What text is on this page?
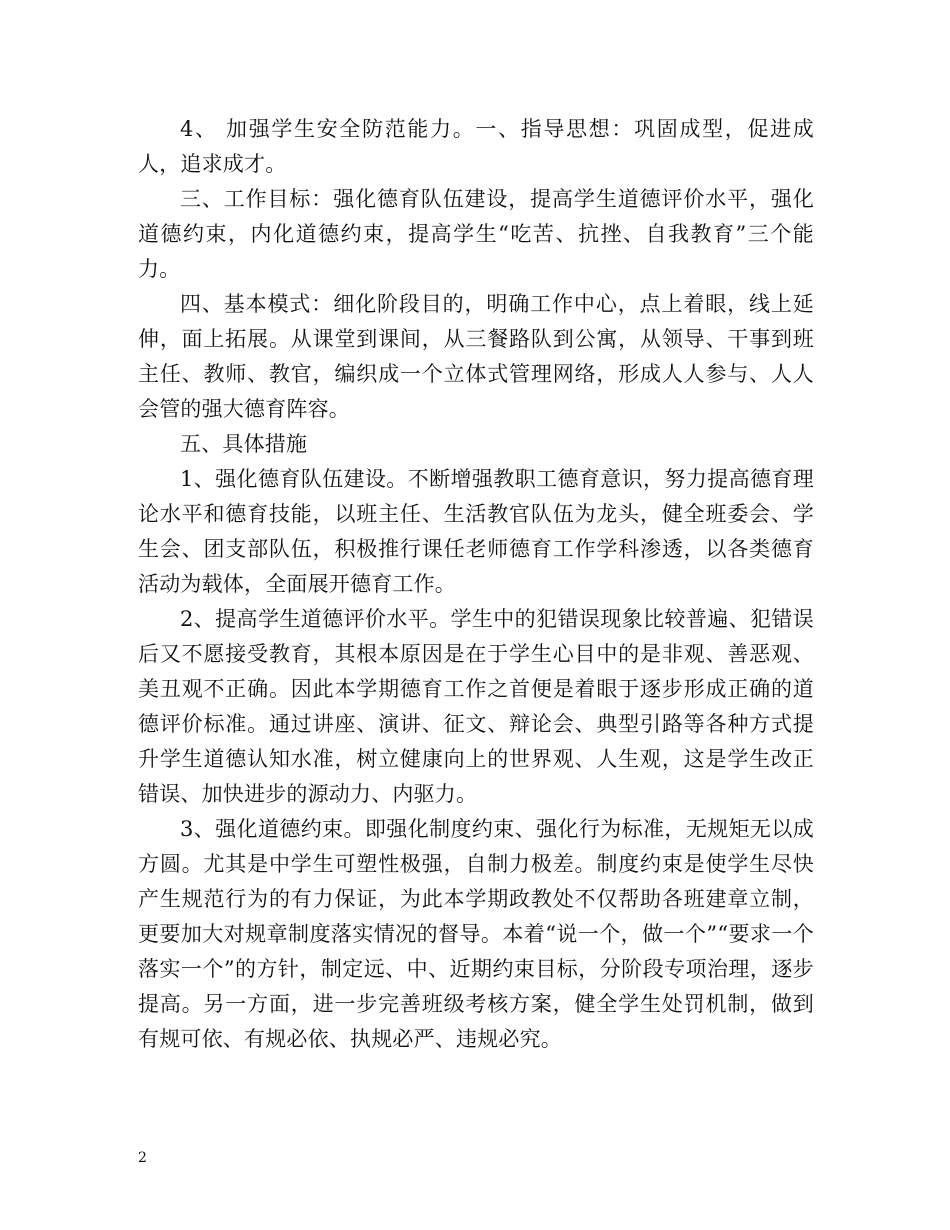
4、 加强学生安全防范能力。一、指导思想：巩固成型，促进成人，追求成才。

三、工作目标：强化德育队伍建设，提高学生道德评价水平，强化道德约束，内化道德约束，提高学生“吃苦、抗挫、自我教育”三个能力。

四、基本模式：细化阶段目的，明确工作中心，点上着眼，线上延伸，面上拓展。从课堂到课间，从三餐路队到公寓，从领导、干事到班主任、教师、教官，编织成一个立体式管理网络，形成人人参与、人人会管的强大德育阵容。

五、具体措施

1、强化德育队伍建设。不断增强教职工德育意识，努力提高德育理论水平和德育技能，以班主任、生活教官队伍为龙头，健全班委会、学生会、团支部队伍，积极推行课任老师德育工作学科渗透，以各类德育活动为载体，全面展开德育工作。

2、提高学生道德评价水平。学生中的犯错误现象比较普遍、犯错误后又不愿接受教育，其根本原因是在于学生心目中的是非观、善恶观、美丑观不正确。因此本学期德育工作之首便是着眼于逐步形成正确的道德评价标准。通过讲座、演讲、征文、辩论会、典型引路等各种方式提升学生道德认知水准，树立健康向上的世界观、人生观，这是学生改正错误、加快进步的源动力、内驱力。

3、强化道德约束。即强化制度约束、强化行为标准，无规矩无以成方圆。尤其是中学生可塑性极强，自制力极差。制度约束是使学生尽快产生规范行为的有力保证，为此本学期政教处不仅帮助各班建章立制，更要加大对规章制度落实情况的督导。本着“说一个，做一个”“要求一个落实一个”的方针，制定远、中、近期约束目标，分阶段专项治理，逐步提高。另一方面，进一步完善班级考核方案，健全学生处罚机制，做到有规可依、有规必依、执规必严、违规必究。

2
